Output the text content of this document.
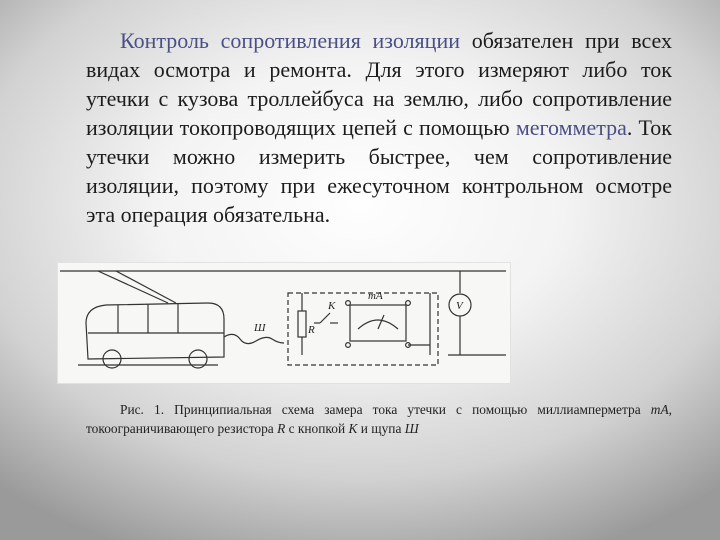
Контроль сопротивления изоляции обязателен при всех видах осмотра и ремонта. Для этого измеряют либо ток утечки с кузова троллейбуса на землю, либо сопротивление изоляции токопроводящих цепей с помощью мегомметра. Ток утечки можно измерить быстрее, чем сопротивление изоляции, поэтому при ежесуточном контрольном осмотре эта операция обязательна.

mA
V
R
K
Ш

Рис. 1. Принципиальная схема замера тока утечки с помощью миллиамперметра mA, токоограничивающего резистора R с кнопкой K и щупа Ш
